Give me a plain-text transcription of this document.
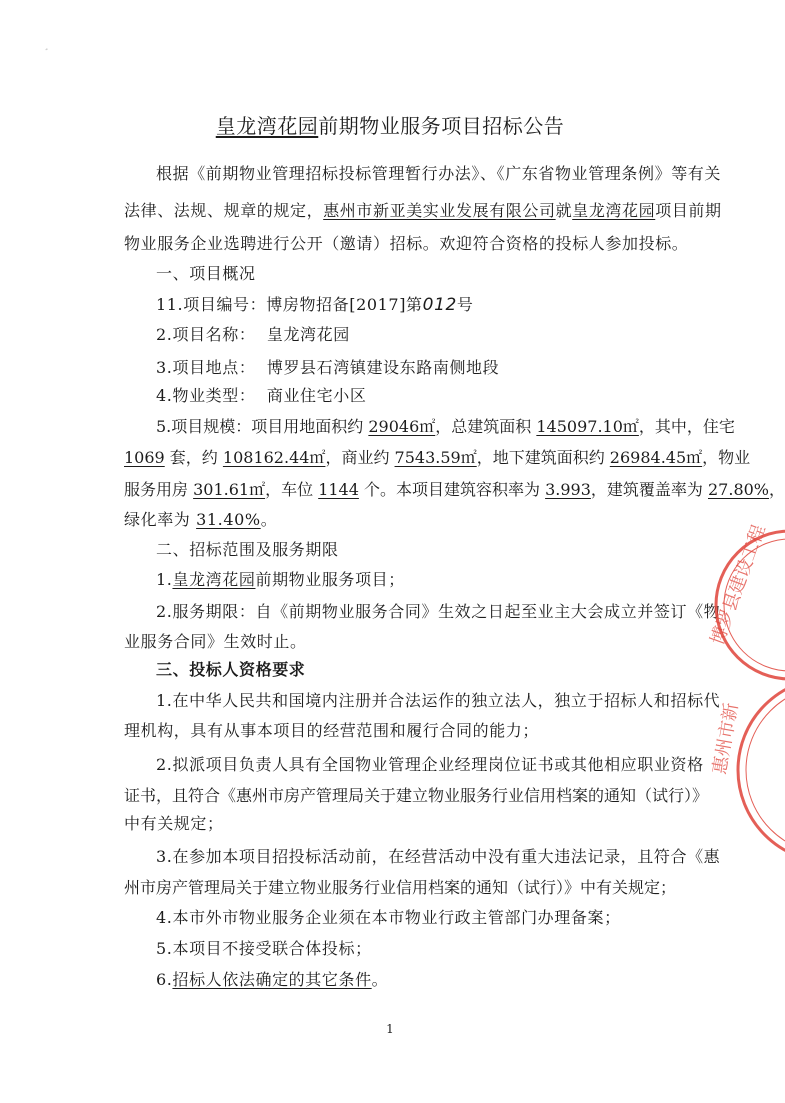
¸
皇龙湾花园前期物业服务项目招标公告
根据《前期物业管理招标投标管理暂行办法》、《广东省物业管理条例》等有关
法律、法规、规章的规定，惠州市新亚美实业发展有限公司就皇龙湾花园项目前期
物业服务企业选聘进行公开（邀请）招标。欢迎符合资格的投标人参加投标。
一、项目概况
11.项目编号：博房物招备[2017]第012号
2.项目名称：  皇龙湾花园
3.项目地点：  博罗县石湾镇建设东路南侧地段
4.物业类型：  商业住宅小区
5.项目规模：项目用地面积约 29046㎡，总建筑面积 145097.10㎡，其中，住宅
1069 套，约 108162.44㎡，商业约 7543.59㎡，地下建筑面积约 26984.45㎡，物业
服务用房 301.61㎡，车位 1144 个。本项目建筑容积率为 3.993，建筑覆盖率为 27.80%，
绿化率为 31.40%。
二、招标范围及服务期限
1.皇龙湾花园前期物业服务项目；
2.服务期限：自《前期物业服务合同》生效之日起至业主大会成立并签订《物
业服务合同》生效时止。
三、投标人资格要求
1.在中华人民共和国境内注册并合法运作的独立法人，独立于招标人和招标代
理机构，具有从事本项目的经营范围和履行合同的能力；
2.拟派项目负责人具有全国物业管理企业经理岗位证书或其他相应职业资格
证书，且符合《惠州市房产管理局关于建立物业服务行业信用档案的通知（试行）》
中有关规定；
3.在参加本项目招投标活动前，在经营活动中没有重大违法记录，且符合《惠
州市房产管理局关于建立物业服务行业信用档案的通知（试行）》中有关规定；
4.本市外市物业服务企业须在本市物业行政主管部门办理备案；
5.本项目不接受联合体投标；
6.招标人依法确定的其它条件。
1
博罗县建设工程
惠州市新
